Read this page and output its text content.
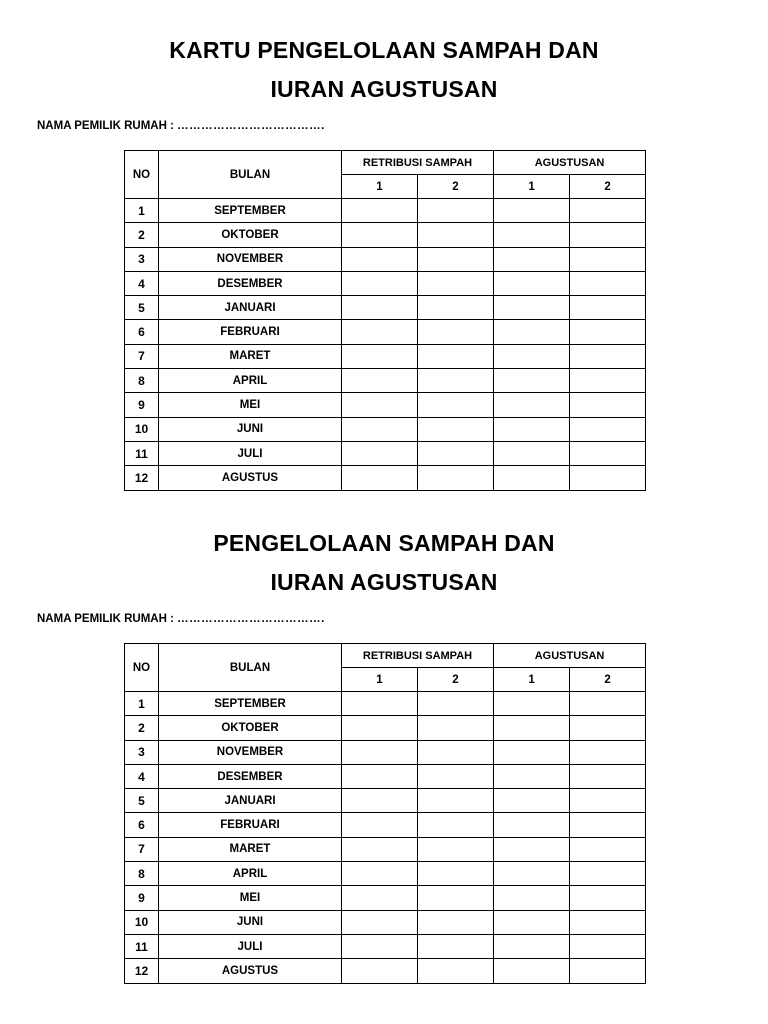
KARTU PENGELOLAAN SAMPAH DAN
IURAN AGUSTUSAN
NAMA PEMILIK RUMAH : ……………………………….
NO	BULAN	RETRIBUSI SAMPAH		AGUSTUSAN	
		1	2	1	2
1	SEPTEMBER				
2	OKTOBER				
3	NOVEMBER				
4	DESEMBER				
5	JANUARI				
6	FEBRUARI				
7	MARET				
8	APRIL				
9	MEI				
10	JUNI				
11	JULI				
12	AGUSTUS				
PENGELOLAAN SAMPAH DAN
IURAN AGUSTUSAN
NAMA PEMILIK RUMAH : ……………………………….
NO	BULAN	RETRIBUSI SAMPAH		AGUSTUSAN	
		1	2	1	2
1	SEPTEMBER				
2	OKTOBER				
3	NOVEMBER				
4	DESEMBER				
5	JANUARI				
6	FEBRUARI				
7	MARET				
8	APRIL				
9	MEI				
10	JUNI				
11	JULI				
12	AGUSTUS				
